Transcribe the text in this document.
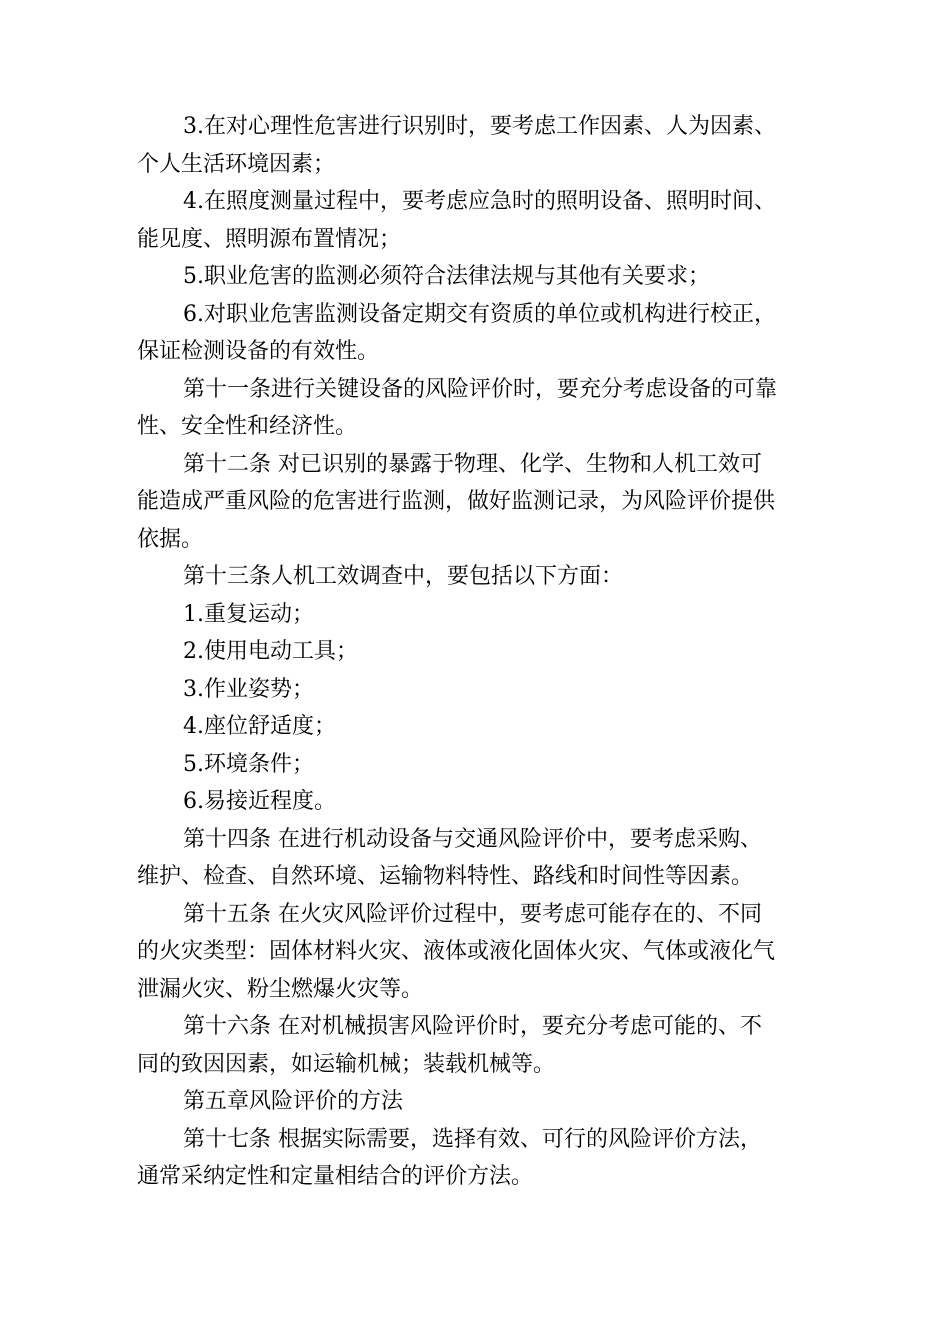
3.在对心理性危害进行识别时，要考虑工作因素、人为因素、
个人生活环境因素；
4.在照度测量过程中，要考虑应急时的照明设备、照明时间、
能见度、照明源布置情况；
5.职业危害的监测必须符合法律法规与其他有关要求；
6.对职业危害监测设备定期交有资质的单位或机构进行校正，
保证检测设备的有效性。
第十一条进行关键设备的风险评价时，要充分考虑设备的可靠
性、安全性和经济性。
第十二条 对已识别的暴露于物理、化学、生物和人机工效可
能造成严重风险的危害进行监测，做好监测记录，为风险评价提供
依据。
第十三条人机工效调查中，要包括以下方面：
1.重复运动；
2.使用电动工具；
3.作业姿势；
4.座位舒适度；
5.环境条件；
6.易接近程度。
第十四条 在进行机动设备与交通风险评价中，要考虑采购、
维护、检查、自然环境、运输物料特性、路线和时间性等因素。
第十五条 在火灾风险评价过程中，要考虑可能存在的、不同
的火灾类型：固体材料火灾、液体或液化固体火灾、气体或液化气
泄漏火灾、粉尘燃爆火灾等。
第十六条 在对机械损害风险评价时，要充分考虑可能的、不
同的致因因素，如运输机械；装载机械等。
第五章风险评价的方法
第十七条 根据实际需要，选择有效、可行的风险评价方法，
通常采纳定性和定量相结合的评价方法。
